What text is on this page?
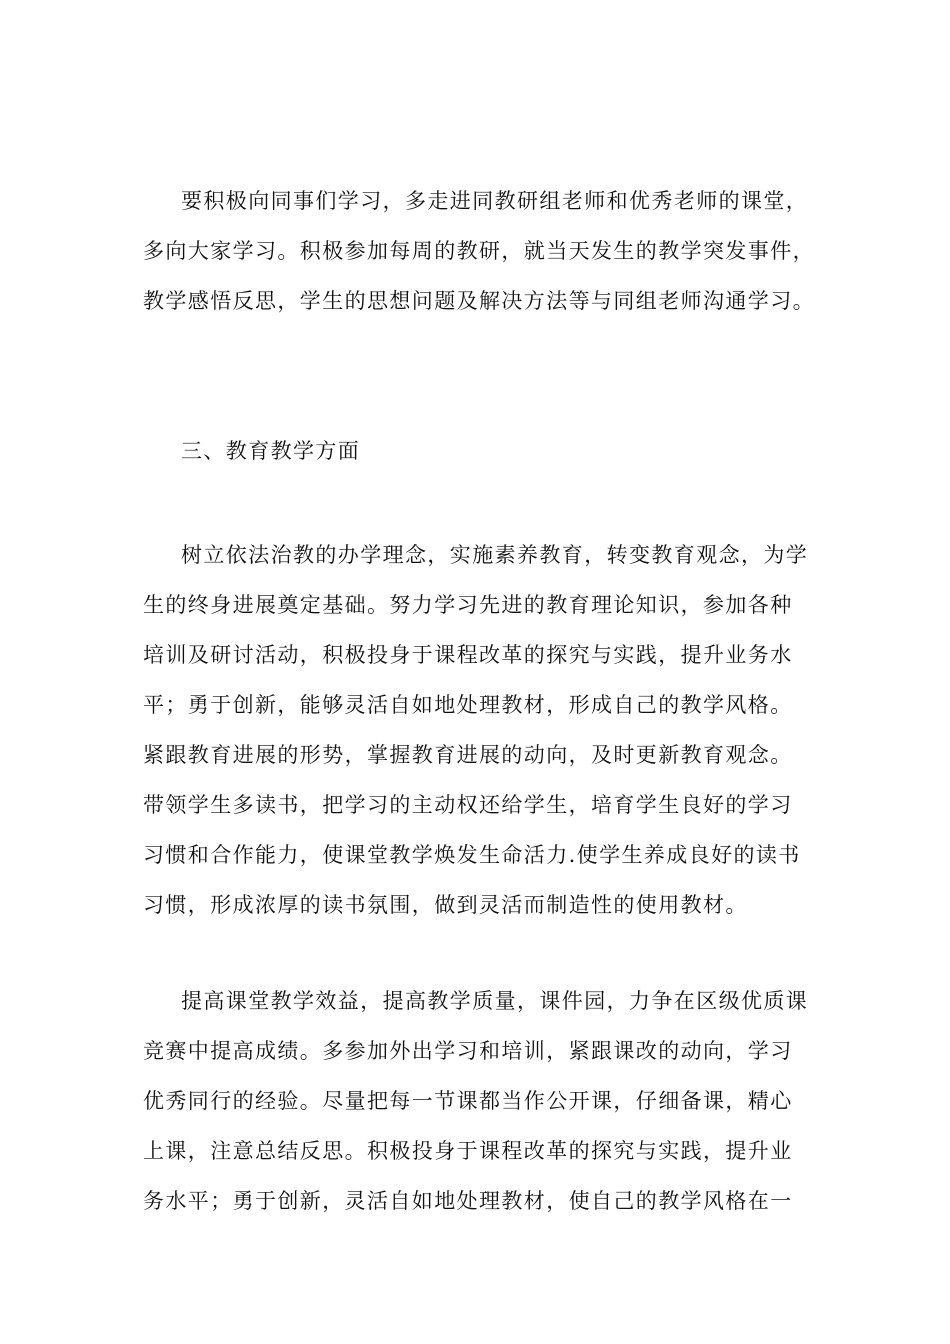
要积极向同事们学习，多走进同教研组老师和优秀老师的课堂，
多向大家学习。积极参加每周的教研，就当天发生的教学突发事件，
教学感悟反思，学生的思想问题及解决方法等与同组老师沟通学习。
三、教育教学方面
树立依法治教的办学理念，实施素养教育，转变教育观念，为学
生的终身进展奠定基础。努力学习先进的教育理论知识，参加各种
培训及研讨活动，积极投身于课程改革的探究与实践，提升业务水
平；勇于创新，能够灵活自如地处理教材，形成自己的教学风格。
紧跟教育进展的形势，掌握教育进展的动向，及时更新教育观念。
带领学生多读书，把学习的主动权还给学生，培育学生良好的学习
习惯和合作能力，使课堂教学焕发生命活力.使学生养成良好的读书
习惯，形成浓厚的读书氛围，做到灵活而制造性的使用教材。
提高课堂教学效益，提高教学质量，课件园，力争在区级优质课
竞赛中提高成绩。多参加外出学习和培训，紧跟课改的动向，学习
优秀同行的经验。尽量把每一节课都当作公开课，仔细备课，精心
上课，注意总结反思。积极投身于课程改革的探究与实践，提升业
务水平；勇于创新，灵活自如地处理教材，使自己的教学风格在一
